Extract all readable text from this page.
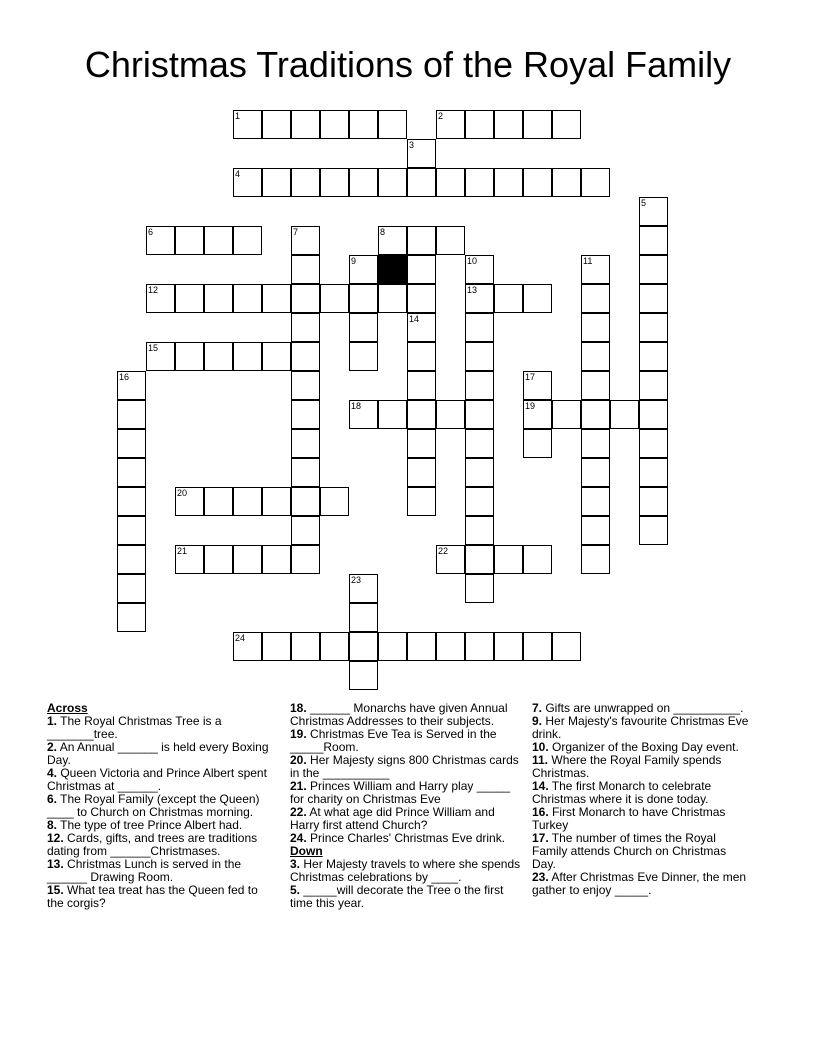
Christmas Traditions of the Royal Family
1	2
3
4
5
6	7	8
9	10	11
12	13
14
15
16	17
18	19
20
21	22
23
24
Across
1. The Royal Christmas Tree is a _______tree.
2. An Annual ______ is held every Boxing Day.
4. Queen Victoria and Prince Albert spent Christmas at ______.
6. The Royal Family (except the Queen) ____ to Church on Christmas morning.
8. The type of tree Prince Albert had.
12. Cards, gifts, and trees are traditions dating from ______Christmases.
13. Christmas Lunch is served in the ______ Drawing Room.
15. What tea treat has the Queen fed to the corgis?
18. ______ Monarchs have given Annual Christmas Addresses to their subjects.
19. Christmas Eve Tea is Served in the _____Room.
20. Her Majesty signs 800 Christmas cards in the __________
21. Princes William and Harry play _____ for charity on Christmas Eve
22. At what age did Prince William and Harry first attend Church?
24. Prince Charles' Christmas Eve drink.
Down
3. Her Majesty travels to where she spends Christmas celebrations by ____.
5. _____will decorate the Tree o the first time this year.
7. Gifts are unwrapped on __________.
9. Her Majesty's favourite Christmas Eve drink.
10. Organizer of the Boxing Day event.
11. Where the Royal Family spends Christmas.
14. The first Monarch to celebrate Christmas where it is done today.
16. First Monarch to have Christmas Turkey
17. The number of times the Royal Family attends Church on Christmas Day.
23. After Christmas Eve Dinner, the men gather to enjoy _____.
